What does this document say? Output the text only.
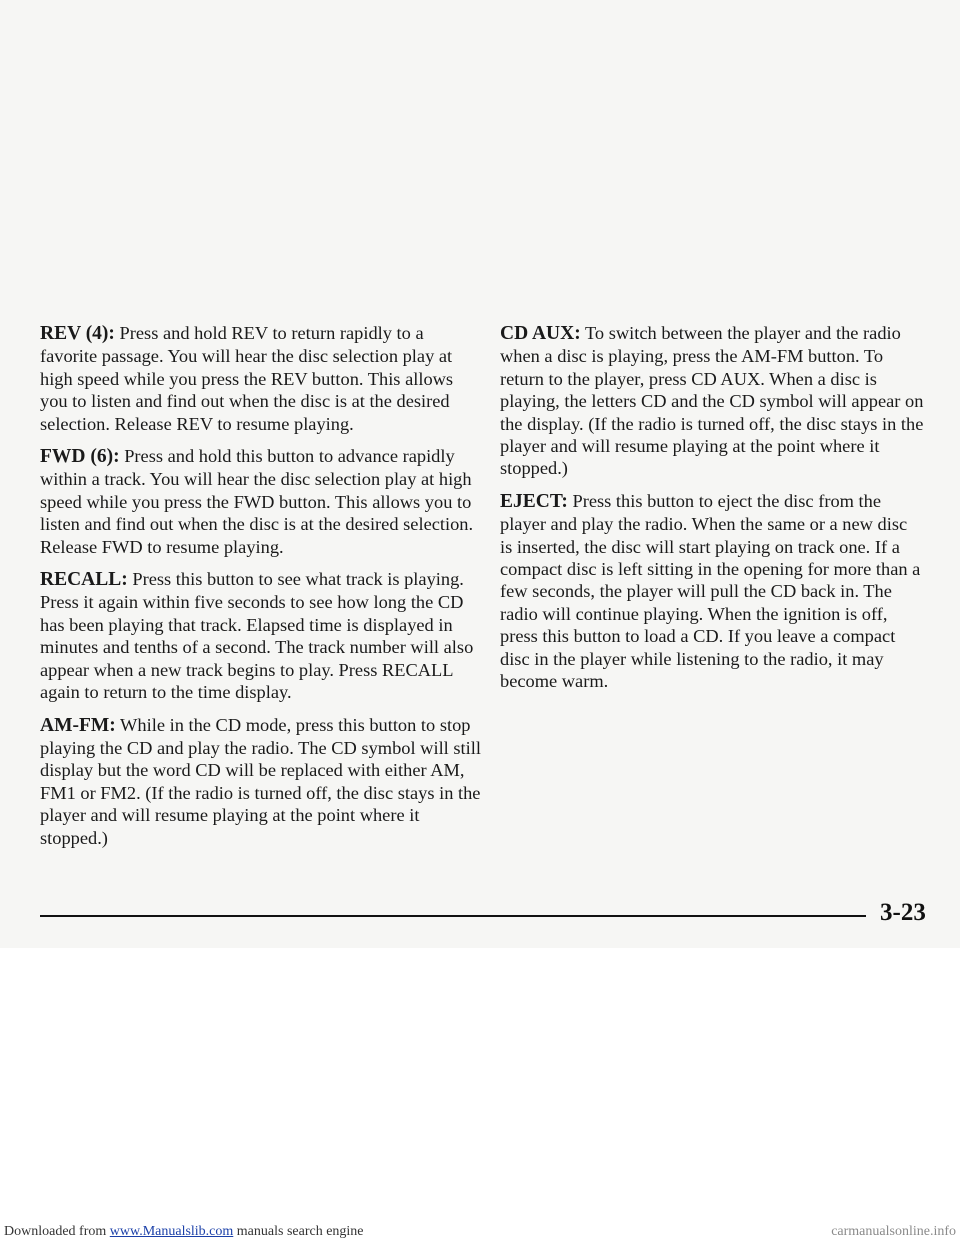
REV (4): Press and hold REV to return rapidly to a favorite passage. You will hear the disc selection play at high speed while you press the REV button. This allows you to listen and find out when the disc is at the desired selection. Release REV to resume playing.

FWD (6): Press and hold this button to advance rapidly within a track. You will hear the disc selection play at high speed while you press the FWD button. This allows you to listen and find out when the disc is at the desired selection. Release FWD to resume playing.

RECALL: Press this button to see what track is playing. Press it again within five seconds to see how long the CD has been playing that track. Elapsed time is displayed in minutes and tenths of a second. The track number will also appear when a new track begins to play. Press RECALL again to return to the time display.

AM-FM: While in the CD mode, press this button to stop playing the CD and play the radio. The CD symbol will still display but the word CD will be replaced with either AM, FM1 or FM2. (If the radio is turned off, the disc stays in the player and will resume playing at the point where it stopped.)

CD AUX: To switch between the player and the radio when a disc is playing, press the AM-FM button. To return to the player, press CD AUX. When a disc is playing, the letters CD and the CD symbol will appear on the display. (If the radio is turned off, the disc stays in the player and will resume playing at the point where it stopped.)

EJECT: Press this button to eject the disc from the player and play the radio. When the same or a new disc is inserted, the disc will start playing on track one. If a compact disc is left sitting in the opening for more than a few seconds, the player will pull the CD back in. The radio will continue playing. When the ignition is off, press this button to load a CD. If you leave a compact disc in the player while listening to the radio, it may become warm.

3-23
Downloaded from www.Manualslib.com manuals search engine	carmanualsonline.info
